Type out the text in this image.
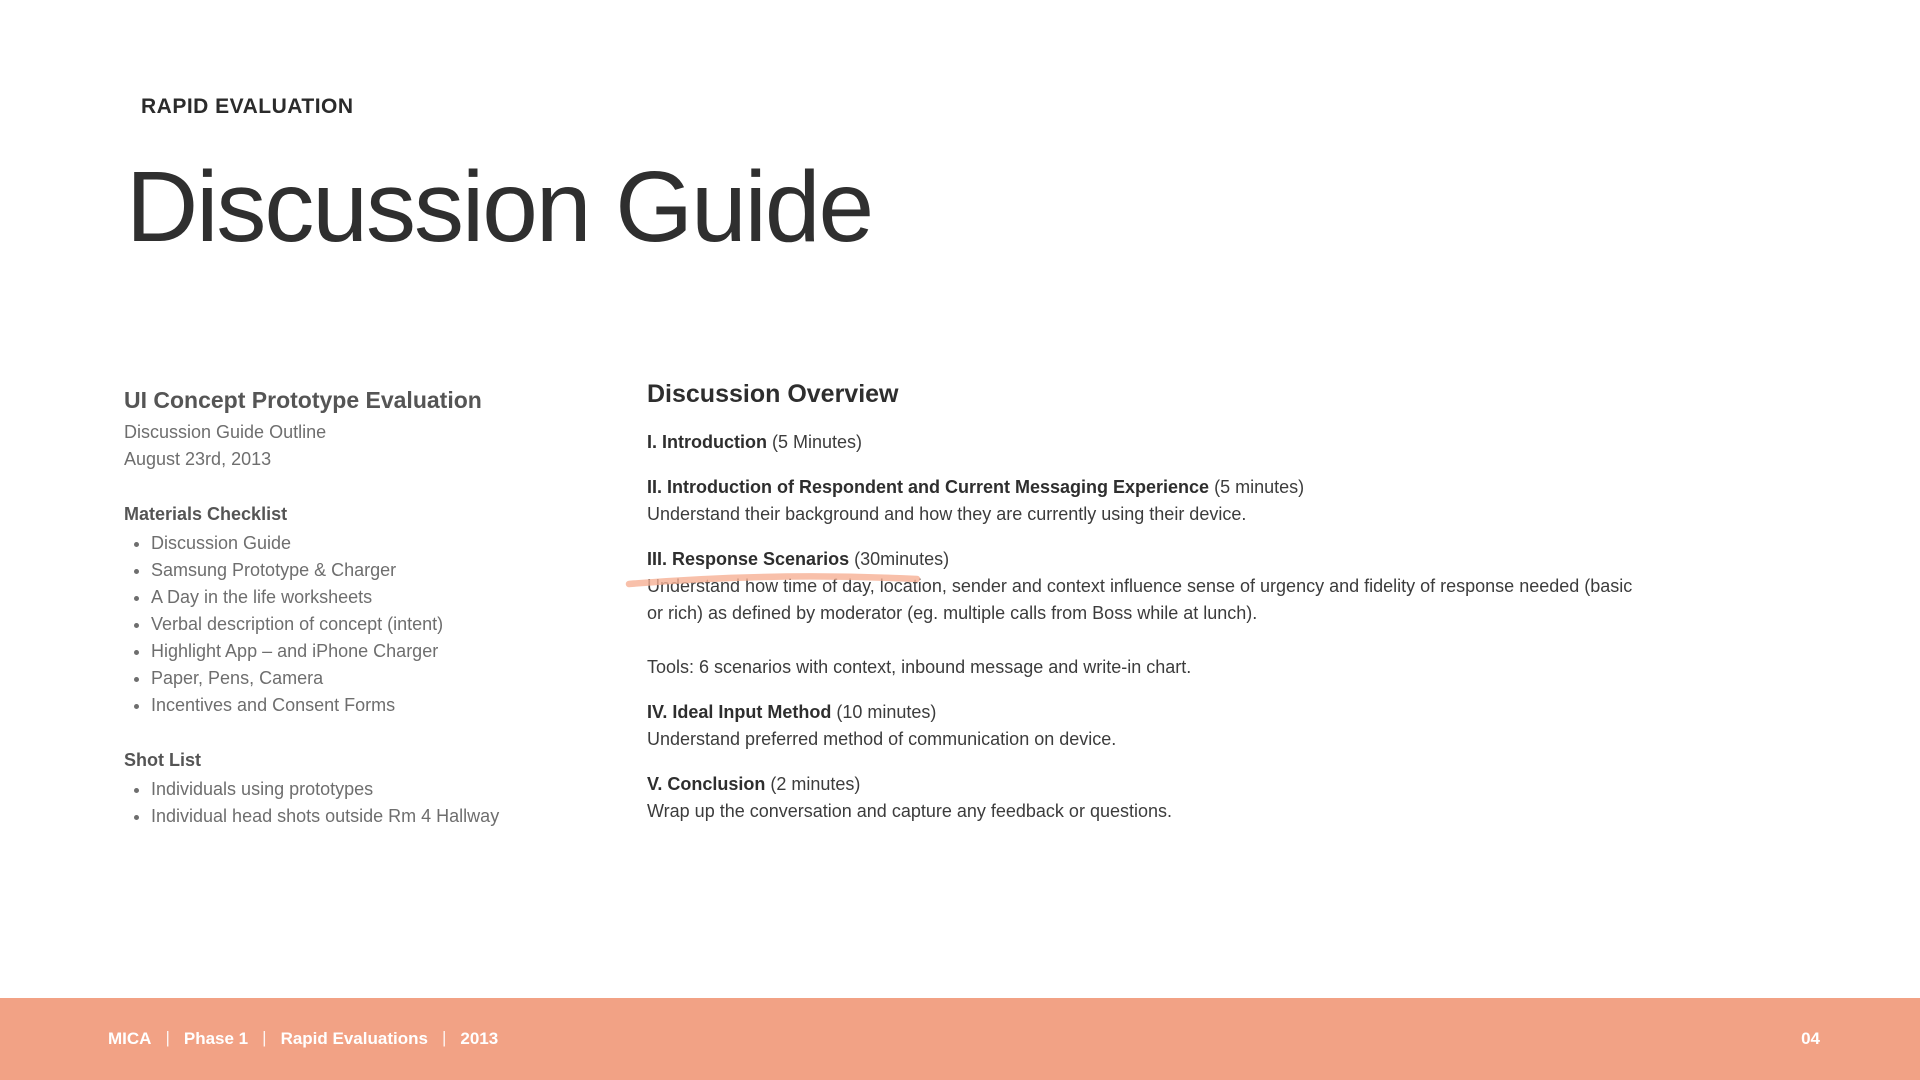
RAPID EVALUATION
Discussion Guide
UI Concept Prototype Evaluation
Discussion Guide Outline
August 23rd, 2013
Materials Checklist
• Discussion Guide
• Samsung Prototype & Charger
• A Day in the life worksheets
• Verbal description of concept (intent)
• Highlight App – and iPhone Charger
• Paper, Pens, Camera
• Incentives and Consent Forms
Shot List
• Individuals using prototypes
• Individual head shots outside Rm 4 Hallway
Discussion Overview
I. Introduction (5 Minutes)
II. Introduction of Respondent and Current Messaging Experience (5 minutes)

Understand their background and how they are currently using their device.

III. Response Scenarios (30minutes)

Understand how time of day, location, sender and context influence sense of urgency and fidelity of response needed (basic or rich) as defined by moderator (eg. multiple calls from Boss while at lunch).

Tools: 6 scenarios with context, inbound message and write-in chart.

IV. Ideal Input Method (10 minutes)

Understand preferred method of communication on device.

V. Conclusion (2 minutes)

Wrap up the conversation and capture any feedback or questions.

MICA | Phase 1 | Rapid Evaluations | 2013	04
